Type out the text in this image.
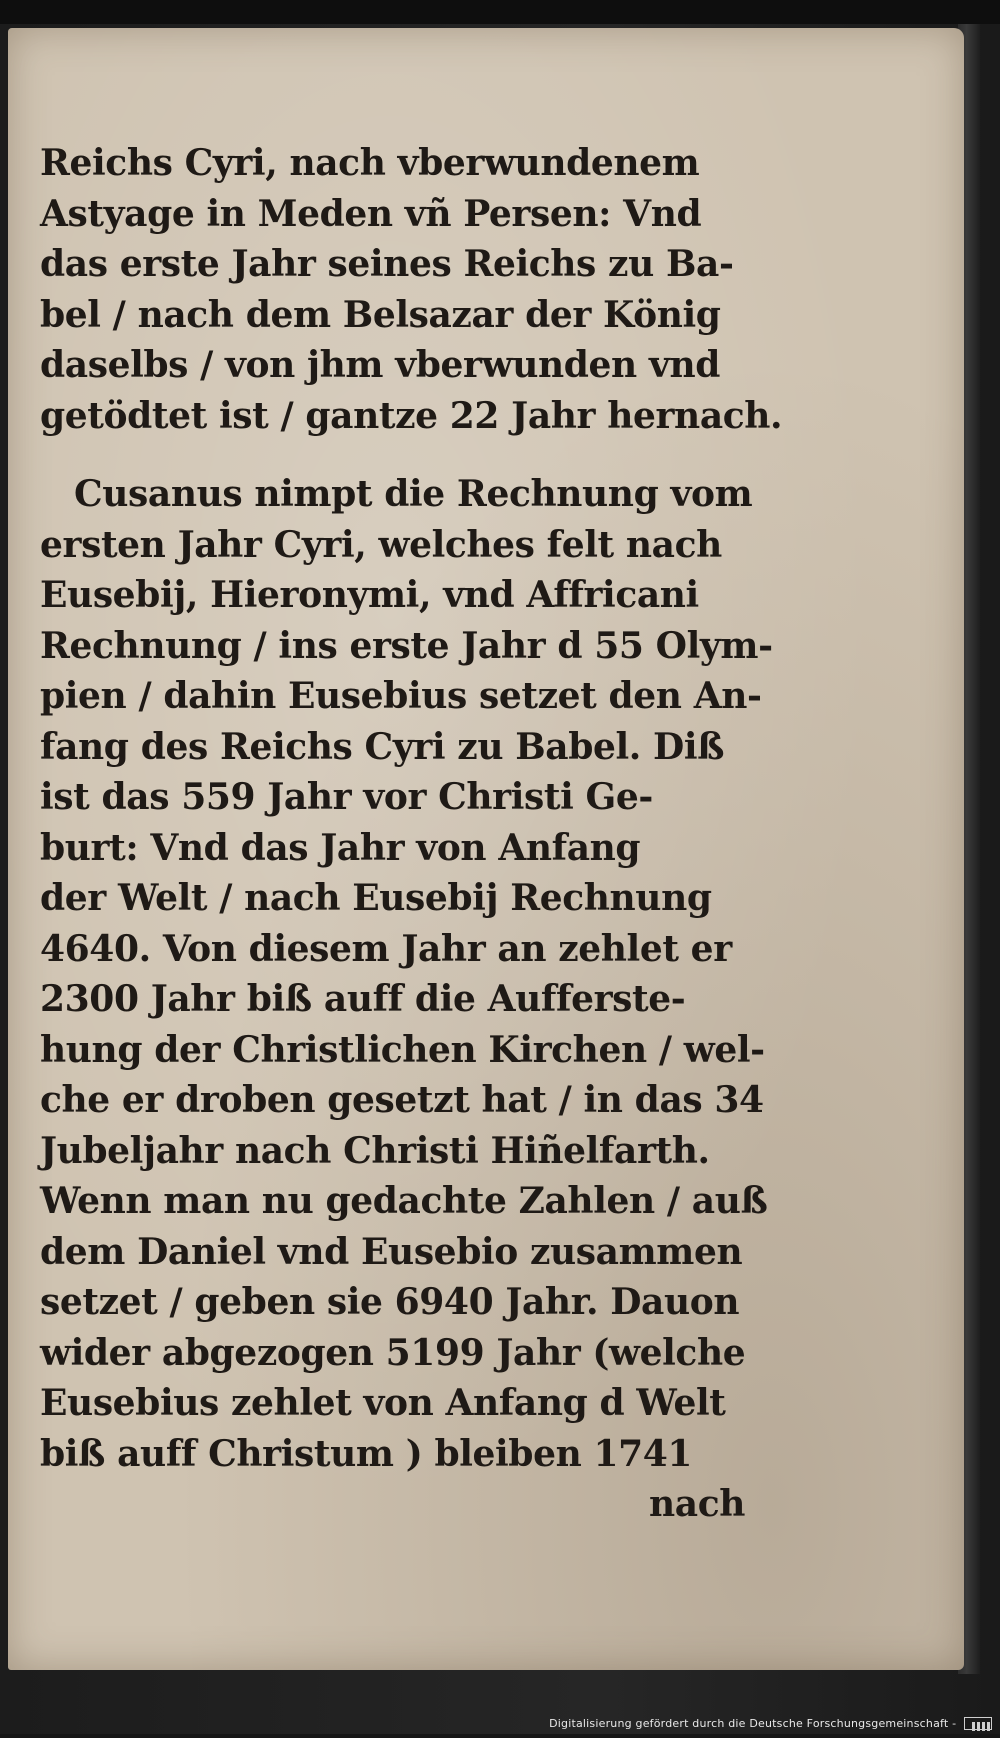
Reichs Cyri, nach vberwundenem
Astyage in Meden vñ Persen: Vnd
das erste Jahr seines Reichs zu Ba-
bel / nach dem Belsazar der König
daselbs / von jhm vberwunden vnd
getödtet ist / gantze 22 Jahr hernach.
Cusanus nimpt die Rechnung vom
ersten Jahr Cyri, welches felt nach
Eusebij, Hieronymi, vnd Affricani
Rechnung / ins erste Jahr d 55 Olym-
pien / dahin Eusebius setzet den An-
fang des Reichs Cyri zu Babel. Diß
ist das 559 Jahr vor Christi Ge-
burt: Vnd das Jahr von Anfang
der Welt / nach Eusebij Rechnung
4640. Von diesem Jahr an zehlet er
2300 Jahr biß auff die Aufferste-
hung der Christlichen Kirchen / wel-
che er droben gesetzt hat / in das 34
Jubeljahr nach Christi Hiñelfarth.
Wenn man nu gedachte Zahlen / auß
dem Daniel vnd Eusebio zusammen
setzet / geben sie 6940 Jahr. Dauon
wider abgezogen 5199 Jahr (welche
Eusebius zehlet von Anfang d Welt
biß auff Christum ) bleiben 1741
nach
Digitalisierung gefördert durch die Deutsche Forschungsgemeinschaft -
